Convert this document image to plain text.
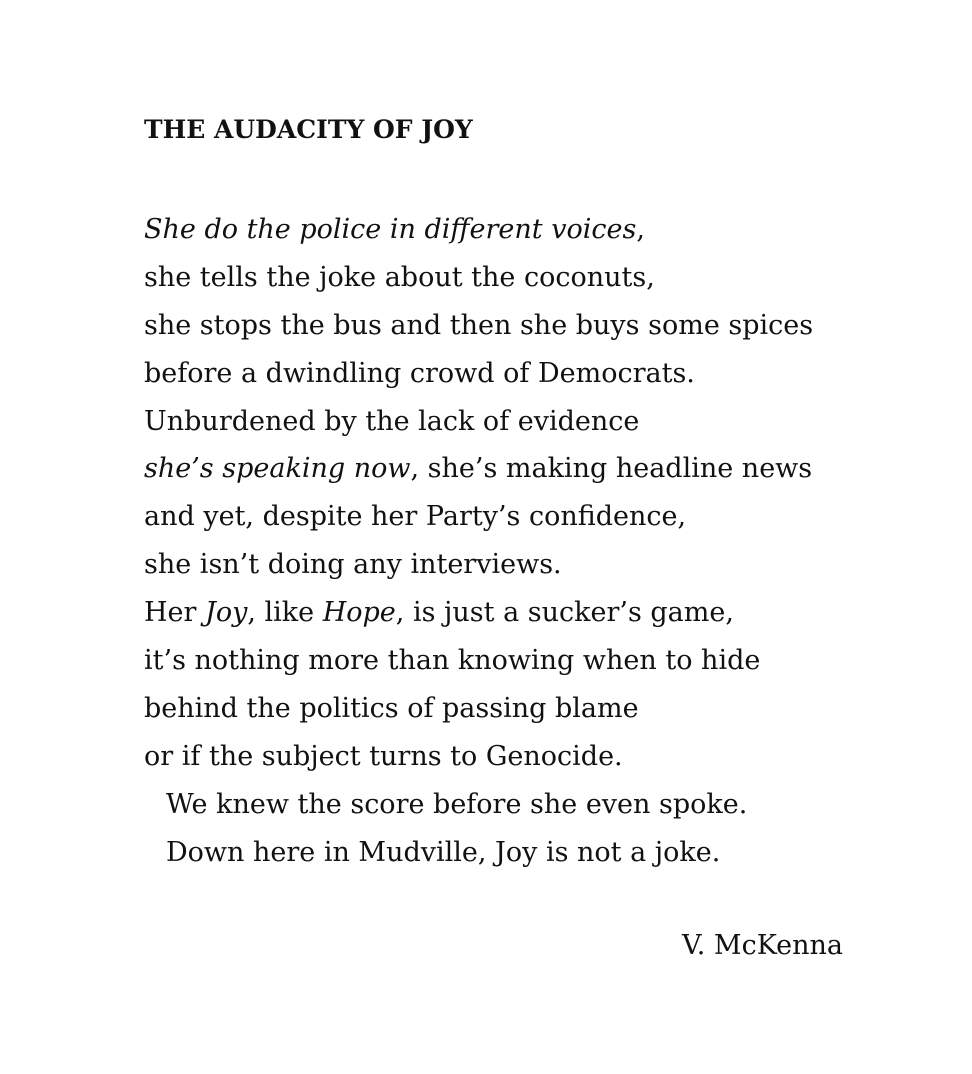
THE AUDACITY OF JOY
She do the police in different voices,
she tells the joke about the coconuts,
she stops the bus and then she buys some spices
before a dwindling crowd of Democrats.
Unburdened by the lack of evidence
she’s speaking now, she’s making headline news
and yet, despite her Party’s confidence,
she isn’t doing any interviews.
Her Joy, like Hope, is just a sucker’s game,
it’s nothing more than knowing when to hide
behind the politics of passing blame
or if the subject turns to Genocide.
We knew the score before she even spoke.
Down here in Mudville, Joy is not a joke.
V. McKenna
